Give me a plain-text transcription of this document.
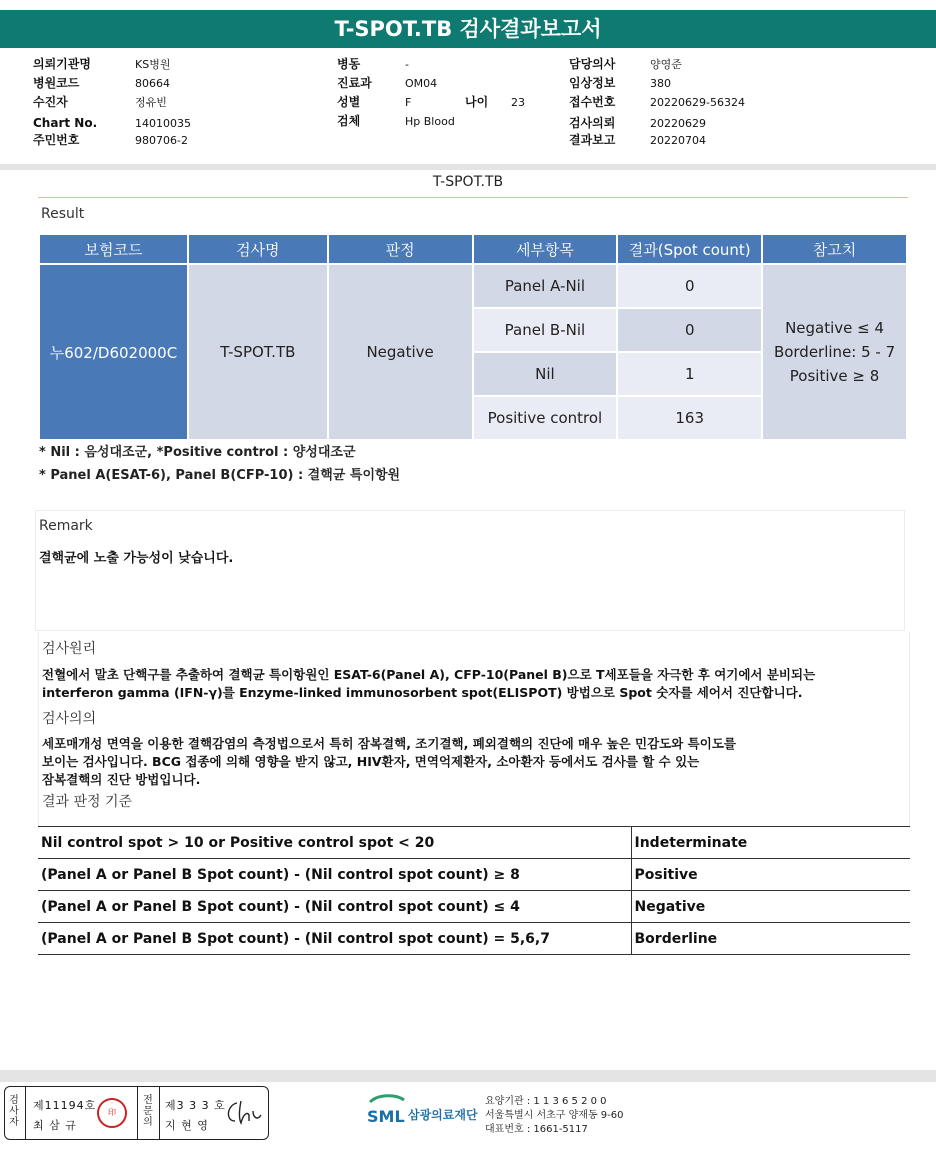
T-SPOT.TB 검사결과보고서
의뢰기관명	KS병원
병원코드	80664
수진자	정유빈
Chart No.	14010035
주민번호	980706-2
병동	-
진료과	OM04
성별	F	나이 23
검체	Hp Blood
담당의사	양영준
임상정보	380
접수번호	20220629-56324
검사의뢰	20220629
결과보고	20220704
T-SPOT.TB
Result
보험코드	검사명	판정	세부항목	결과(Spot count)	참고치
누602/D602000C	T-SPOT.TB	Negative	Panel A-Nil	0	Negative ≤ 4
Borderline: 5 - 7
Positive ≥ 8

			Panel B-Nil	0	
			Nil	1	
			Positive control	163	
* Nil : 음성대조군, *Positive control : 양성대조군
* Panel A(ESAT-6), Panel B(CFP-10) : 결핵균 특이항원
Remark
결핵균에 노출 가능성이 낮습니다.
검사원리
전혈에서 말초 단핵구를 추출하여 결핵균 특이항원인 ESAT-6(Panel A), CFP-10(Panel B)으로 T세포들을 자극한 후 여기에서 분비되는
interferon gamma (IFN-γ)를 Enzyme-linked immunosorbent spot(ELISPOT) 방법으로 Spot 숫자를 세어서 진단합니다.
검사의의
세포매개성 면역을 이용한 결핵감염의 측정법으로서 특히 잠복결핵, 조기결핵, 폐외결핵의 진단에 매우 높은 민감도와 특이도를
보이는 검사입니다. BCG 접종에 의해 영향을 받지 않고, HIV환자, 면역억제환자, 소아환자 등에서도 검사를 할 수 있는
잠복결핵의 진단 방법입니다.
결과 판정 기준
Nil control spot > 10 or Positive control spot < 20	Indeterminate
(Panel A or Panel B Spot count) - (Nil control spot count) ≥ 8	Positive
(Panel A or Panel B Spot count) - (Nil control spot count) ≤ 4	Negative
(Panel A or Panel B Spot count) - (Nil control spot count) = 5,6,7	Borderline
검
사
자
제11194호
최 삼 규
印
전
문
의
제3 3 3 호
지 현 영	SML 삼광의료재단
요양기관 : 1 1 3 6 5 2 0 0
서울특별시 서초구 양재동 9-60
대표번호 : 1661-5117
